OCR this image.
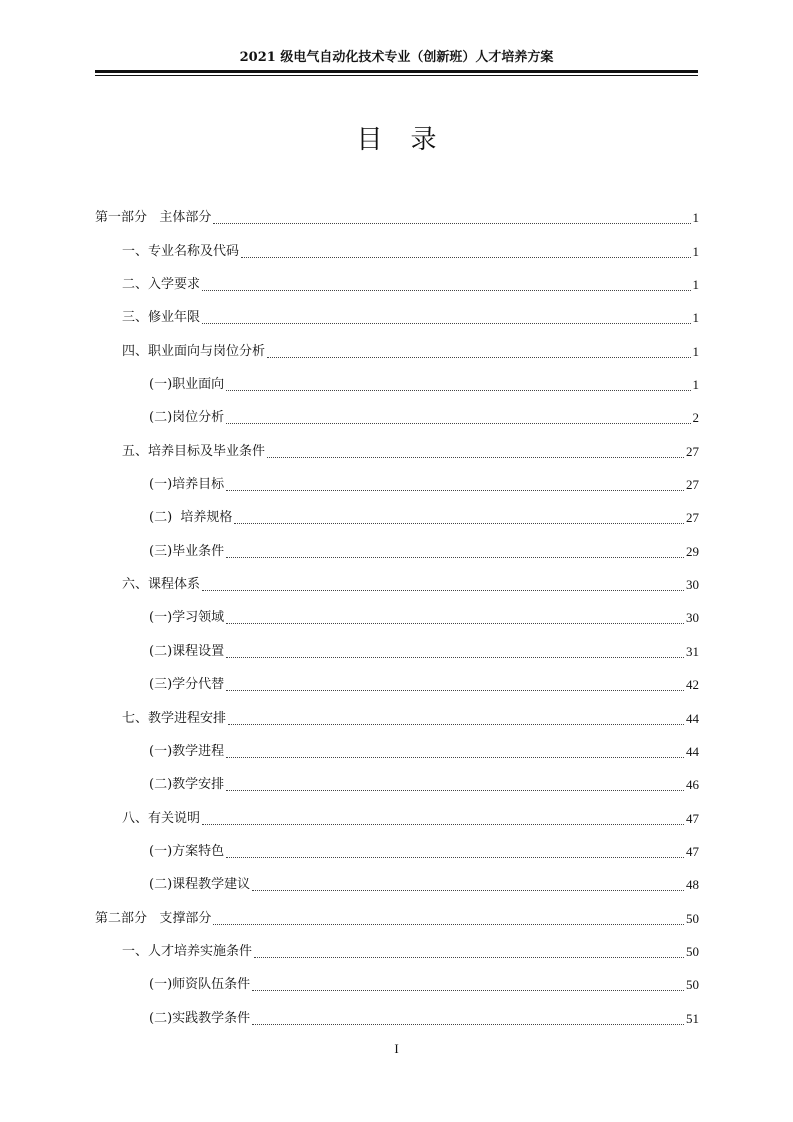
2021 级电气自动化技术专业（创新班）人才培养方案
目录
第一部分   主体部分	1
一、专业名称及代码	1
二、入学要求	1
三、修业年限	1
四、职业面向与岗位分析	1
(一)职业面向	1
(二)岗位分析	2
五、培养目标及毕业条件	27
(一)培养目标	27
(二)  培养规格	27
(三)毕业条件	29
六、课程体系	30
(一)学习领域	30
(二)课程设置	31
(三)学分代替	42
七、教学进程安排	44
(一)教学进程	44
(二)教学安排	46
八、有关说明	47
(一)方案特色	47
(二)课程教学建议	48
第二部分   支撑部分	50
一、人才培养实施条件	50
(一)师资队伍条件	50
(二)实践教学条件	51
I
